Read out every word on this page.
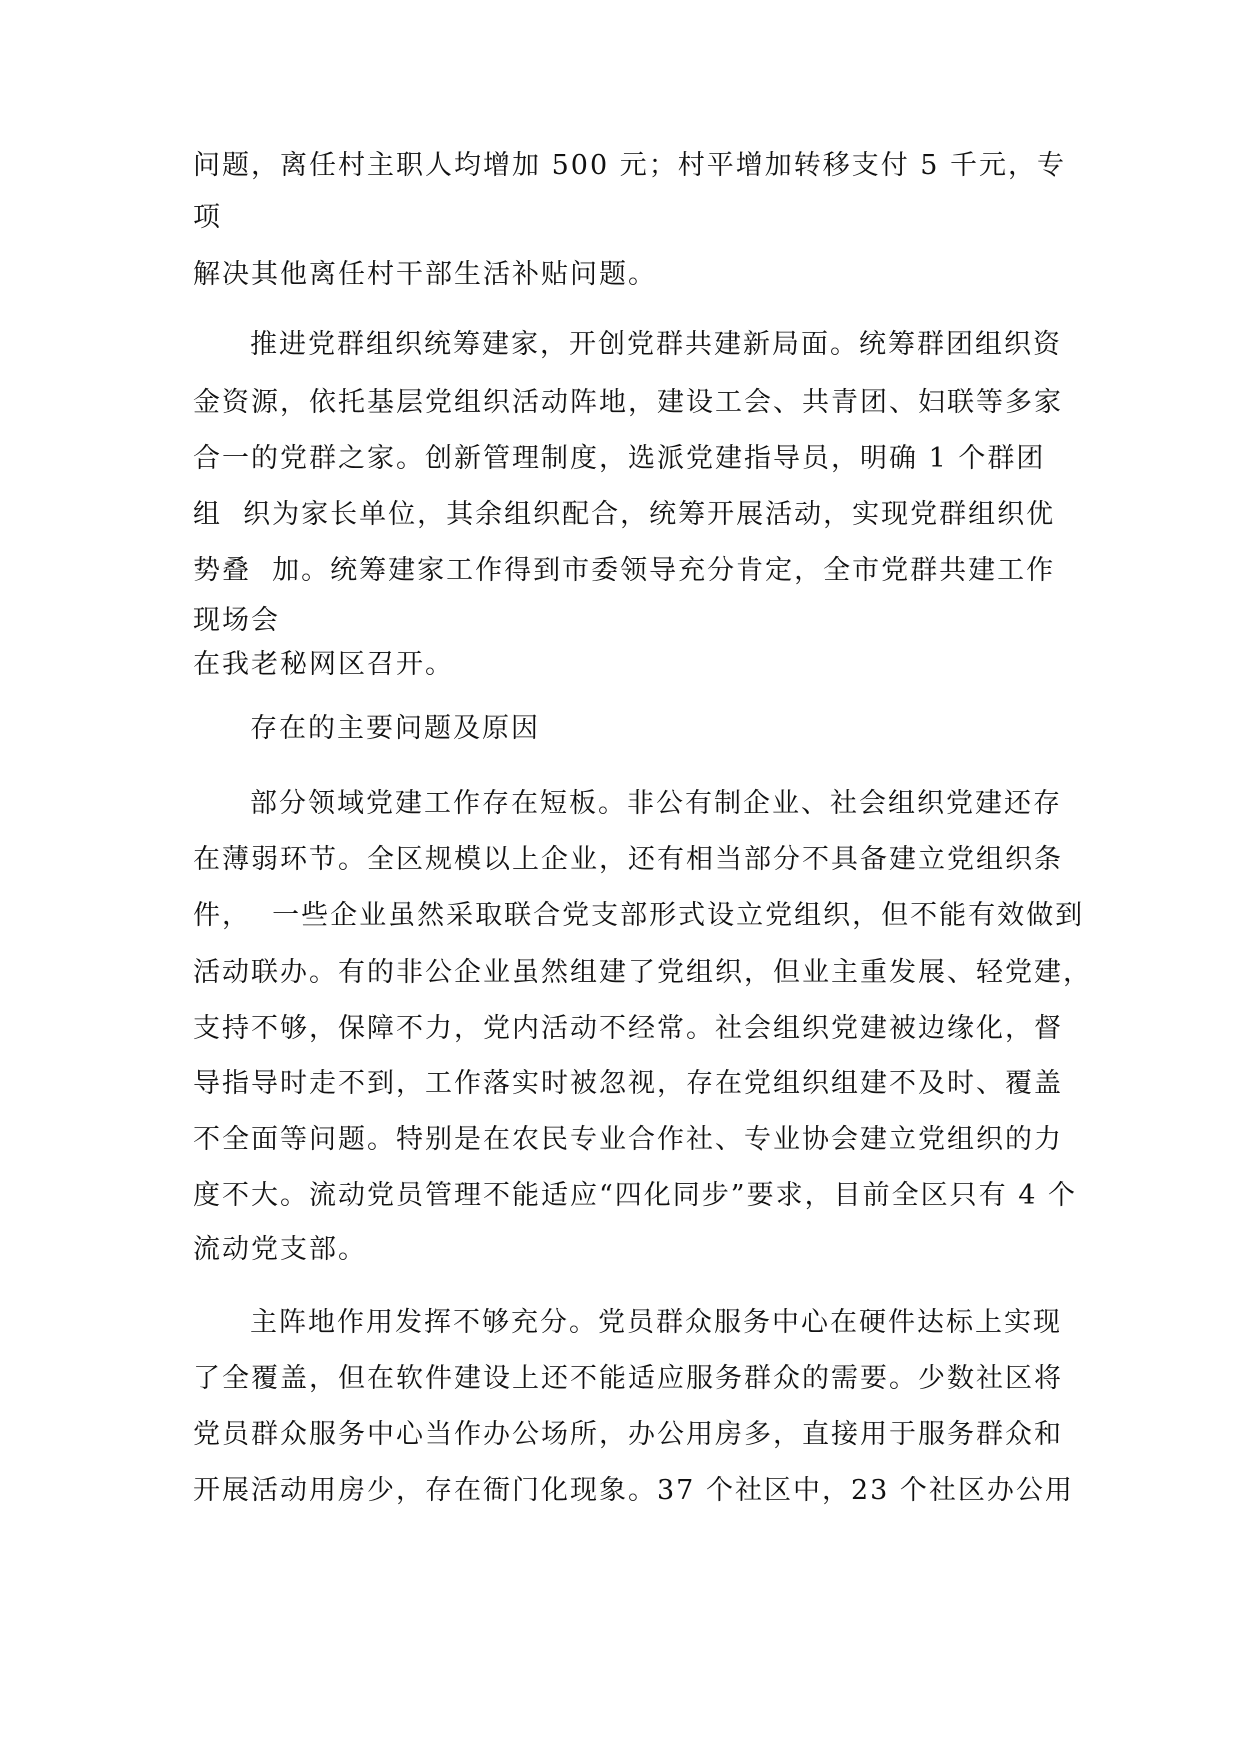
问题，离任村主职人均增加 500 元；村平增加转移支付 5 千元，专

项

解决其他离任村干部生活补贴问题。

推进党群组织统筹建家，开创党群共建新局面。统筹群团组织资

金资源，依托基层党组织活动阵地，建设工会、共青团、妇联等多家

合一的党群之家。创新管理制度，选派党建指导员，明确 1 个群团

组  织为家长单位，其余组织配合，统筹开展活动，实现党群组织优

势叠  加。统筹建家工作得到市委领导充分肯定，全市党群共建工作

现场会

在我老秘网区召开。

存在的主要问题及原因

部分领域党建工作存在短板。非公有制企业、社会组织党建还存

在薄弱环节。全区规模以上企业，还有相当部分不具备建立党组织条

件，  一些企业虽然采取联合党支部形式设立党组织，但不能有效做到

活动联办。有的非公企业虽然组建了党组织，但业主重发展、轻党建，

支持不够，保障不力，党内活动不经常。社会组织党建被边缘化，督

导指导时走不到，工作落实时被忽视，存在党组织组建不及时、覆盖

不全面等问题。特别是在农民专业合作社、专业协会建立党组织的力

度不大。流动党员管理不能适应“四化同步”要求，目前全区只有 4 个

流动党支部。

主阵地作用发挥不够充分。党员群众服务中心在硬件达标上实现

了全覆盖，但在软件建设上还不能适应服务群众的需要。少数社区将

党员群众服务中心当作办公场所，办公用房多，直接用于服务群众和

开展活动用房少，存在衙门化现象。37 个社区中，23 个社区办公用
